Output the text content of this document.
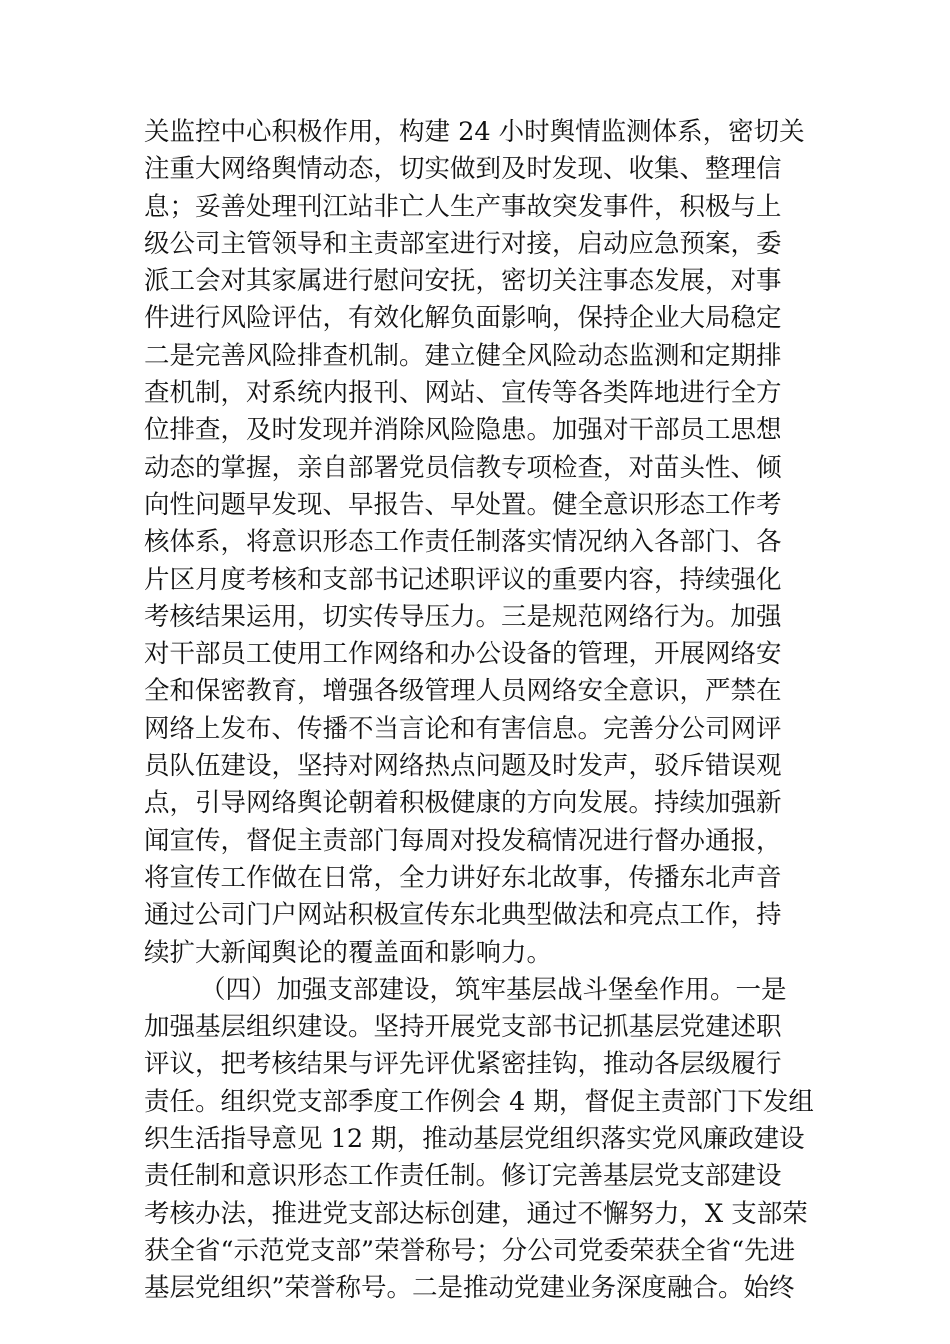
关监控中心积极作用，构建 24 小时舆情监测体系，密切关
注重大网络舆情动态，切实做到及时发现、收集、整理信
息；妥善处理刊江站非亡人生产事故突发事件，积极与上
级公司主管领导和主责部室进行对接，启动应急预案，委
派工会对其家属进行慰问安抚，密切关注事态发展，对事
件进行风险评估，有效化解负面影响，保持企业大局稳定
二是完善风险排查机制。建立健全风险动态监测和定期排
查机制，对系统内报刊、网站、宣传等各类阵地进行全方
位排查，及时发现并消除风险隐患。加强对干部员工思想
动态的掌握，亲自部署党员信教专项检查，对苗头性、倾
向性问题早发现、早报告、早处置。健全意识形态工作考
核体系，将意识形态工作责任制落实情况纳入各部门、各
片区月度考核和支部书记述职评议的重要内容，持续强化
考核结果运用，切实传导压力。三是规范网络行为。加强
对干部员工使用工作网络和办公设备的管理，开展网络安
全和保密教育，增强各级管理人员网络安全意识，严禁在
网络上发布、传播不当言论和有害信息。完善分公司网评
员队伍建设，坚持对网络热点问题及时发声，驳斥错误观
点，引导网络舆论朝着积极健康的方向发展。持续加强新
闻宣传，督促主责部门每周对投发稿情况进行督办通报，
将宣传工作做在日常，全力讲好东北故事，传播东北声音
通过公司门户网站积极宣传东北典型做法和亮点工作，持
续扩大新闻舆论的覆盖面和影响力。
（四）加强支部建设，筑牢基层战斗堡垒作用。一是
加强基层组织建设。坚持开展党支部书记抓基层党建述职
评议，把考核结果与评先评优紧密挂钩，推动各层级履行
责任。组织党支部季度工作例会 4 期，督促主责部门下发组
织生活指导意见 12 期，推动基层党组织落实党风廉政建设
责任制和意识形态工作责任制。修订完善基层党支部建设
考核办法，推进党支部达标创建，通过不懈努力，X 支部荣
获全省“示范党支部”荣誉称号；分公司党委荣获全省“先进
基层党组织”荣誉称号。二是推动党建业务深度融合。始终
